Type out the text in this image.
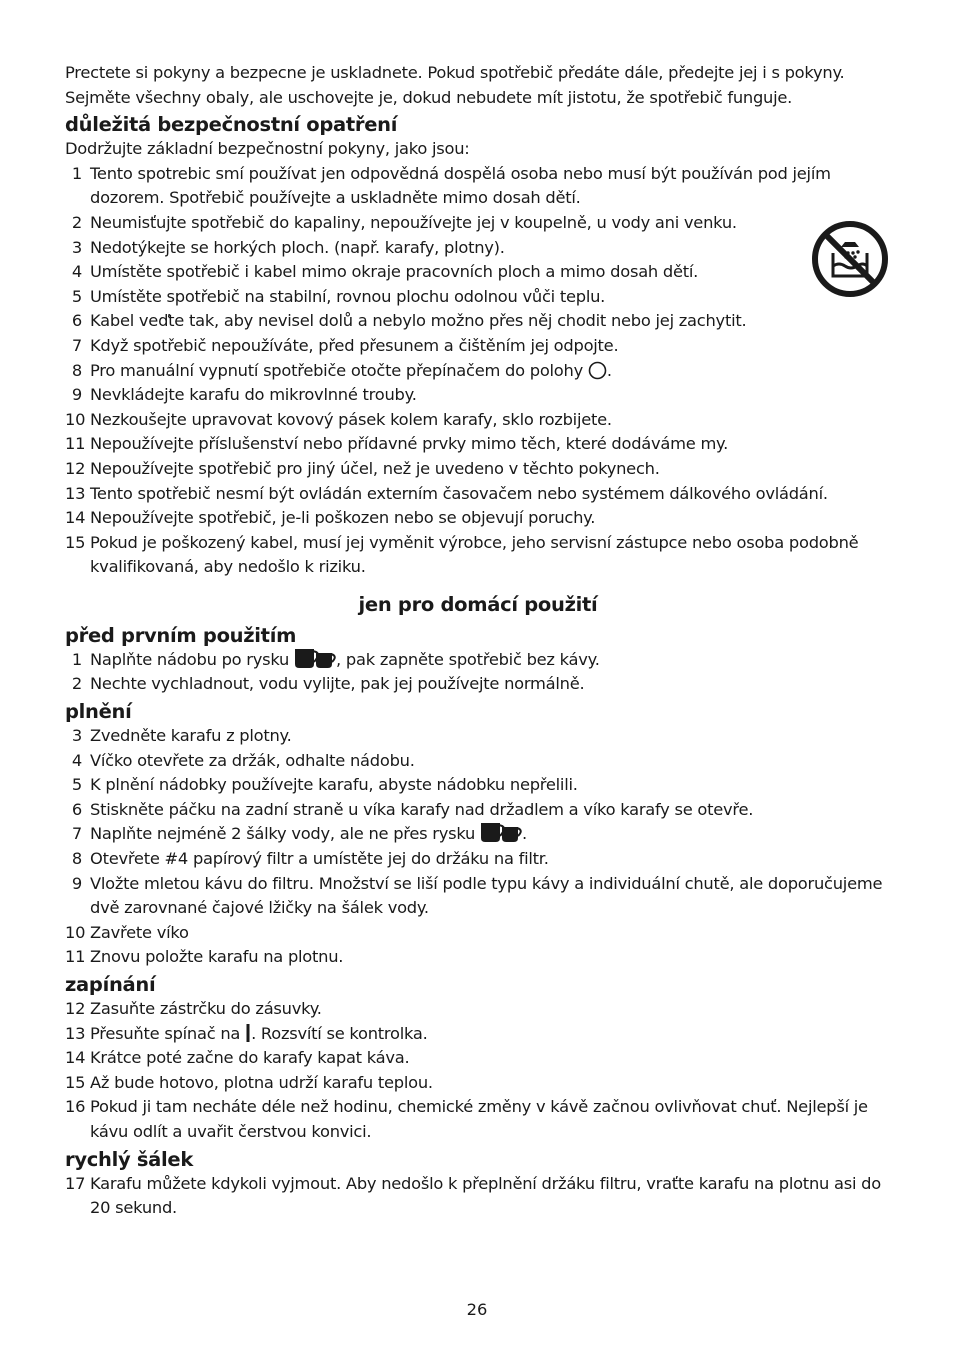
Prectete si pokyny a bezpecne je uskladnete. Pokud spotřebič předáte dále, předejte jej i s pokyny. Sejměte všechny obaly, ale uschovejte je, dokud nebudete mít jistotu, že spotřebič funguje.

důležitá bezpečnostní opatření

Dodržujte základní bezpečnostní pokyny, jako jsou:

1 Tento spotrebic smí používat jen odpovědná dospělá osoba nebo musí být používán pod jejím dozorem. Spotřebič používejte a uskladněte mimo dosah dětí.
2 Neumisťujte spotřebič do kapaliny, nepoužívejte jej v koupelně, u vody ani venku.
3 Nedotýkejte se horkých ploch. (např. karafy, plotny).
4 Umístěte spotřebič i kabel mimo okraje pracovních ploch a mimo dosah dětí.
5 Umístěte spotřebič na stabilní, rovnou plochu odolnou vůči teplu.
6 Kabel veďte tak, aby nevisel dolů a nebylo možno přes něj chodit nebo jej zachytit.
7 Když spotřebič nepoužíváte, před přesunem a čištěním jej odpojte.
8 Pro manuální vypnutí spotřebiče otočte přepínačem do polohy .
9 Nevkládejte karafu do mikrovlnné trouby.
10 Nezkoušejte upravovat kovový pásek kolem karafy, sklo rozbijete.
11 Nepoužívejte příslušenství nebo přídavné prvky mimo těch, které dodáváme my.
12 Nepoužívejte spotřebič pro jiný účel, než je uvedeno v těchto pokynech.
13 Tento spotřebič nesmí být ovládán externím časovačem nebo systémem dálkového ovládání.
14 Nepoužívejte spotřebič, je-li poškozen nebo se objevují poruchy.
15 Pokud je poškozený kabel, musí jej vyměnit výrobce, jeho servisní zástupce nebo osoba podobně kvalifikovaná, aby nedošlo k riziku.
jen pro domácí použití
před prvním použitím
1 Naplňte nádobu po rysku	, pak zapněte spotřebič bez kávy.
2 Nechte vychladnout, vodu vylijte, pak jej používejte normálně.
plnění
3 Zvedněte karafu z plotny.
4 Víčko otevřete za držák, odhalte nádobu.
5 K plnění nádobky používejte karafu, abyste nádobku nepřelili.
6 Stiskněte páčku na zadní straně u víka karafy nad držadlem a víko karafy se otevře.
7 Naplňte nejméně 2 šálky vody, ale ne přes rysku	.
8 Otevřete #4 papírový filtr a umístěte jej do držáku na filtr.
9 Vložte mletou kávu do filtru. Množství se liší podle typu kávy a individuální chutě, ale doporučujeme dvě zarovnané čajové lžičky na šálek vody.
10 Zavřete víko
11 Znovu položte karafu na plotnu.
zapínání
12 Zasuňte zástrčku do zásuvky.
13 Přesuňte spínač na . Rozsvítí se kontrolka.
14 Krátce poté začne do karafy kapat káva.
15 Až bude hotovo, plotna udrží karafu teplou.
16 Pokud ji tam necháte déle než hodinu, chemické změny v kávě začnou ovlivňovat chuť. Nejlepší je kávu odlít a uvařit čerstvou konvici.
rychlý šálek
17 Karafu můžete kdykoli vyjmout. Aby nedošlo k přeplnění držáku filtru, vraťte karafu na plotnu asi do 20 sekund.
26
